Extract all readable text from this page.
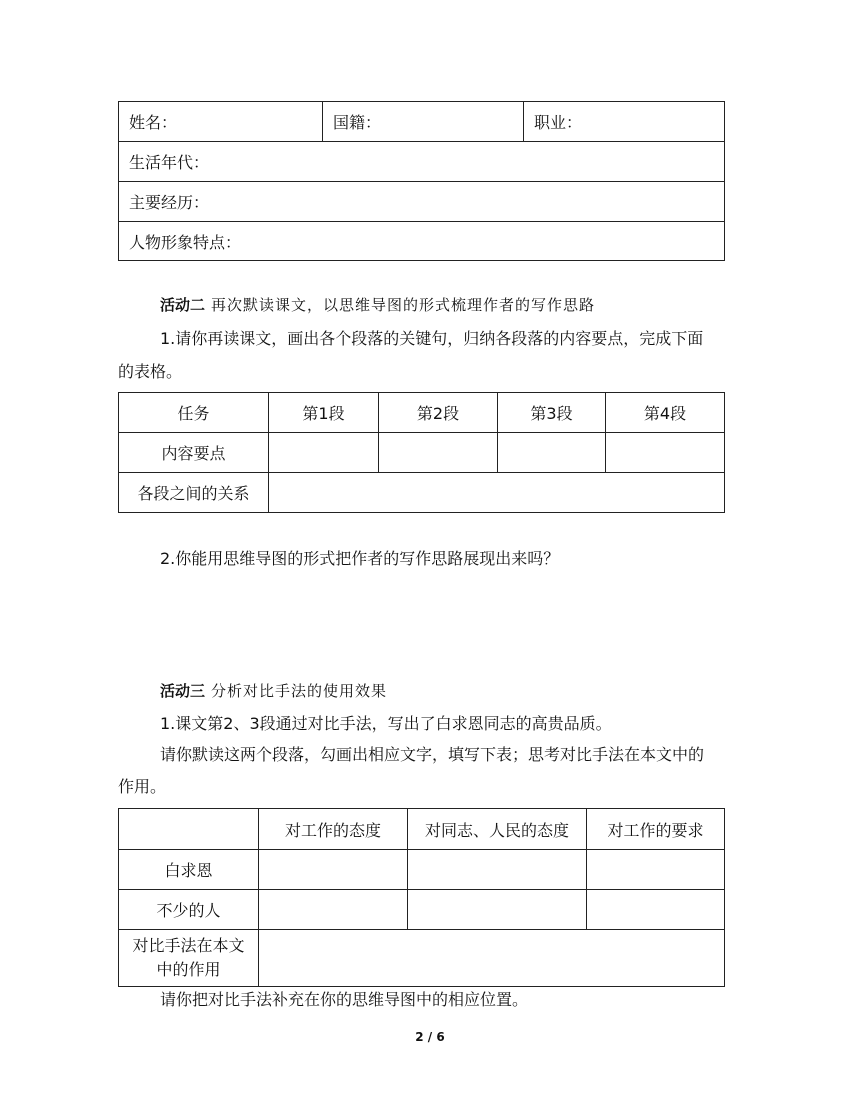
姓名：	国籍：	职业：
生活年代：
主要经历：
人物形象特点：
活动二 再次默读课文，以思维导图的形式梳理作者的写作思路
1.请你再读课文，画出各个段落的关键句，归纳各段落的内容要点，完成下面
的表格。
任务	第1段	第2段	第3段	第4段
内容要点				
各段之间的关系				
2.你能用思维导图的形式把作者的写作思路展现出来吗？
活动三 分析对比手法的使用效果
1.课文第2、3段通过对比手法，写出了白求恩同志的高贵品质。
请你默读这两个段落，勾画出相应文字，填写下表；思考对比手法在本文中的
作用。
	对工作的态度	对同志、人民的态度	对工作的要求
白求恩			
不少的人			
对比手法在本文
中的作用			
请你把对比手法补充在你的思维导图中的相应位置。
2 / 6
